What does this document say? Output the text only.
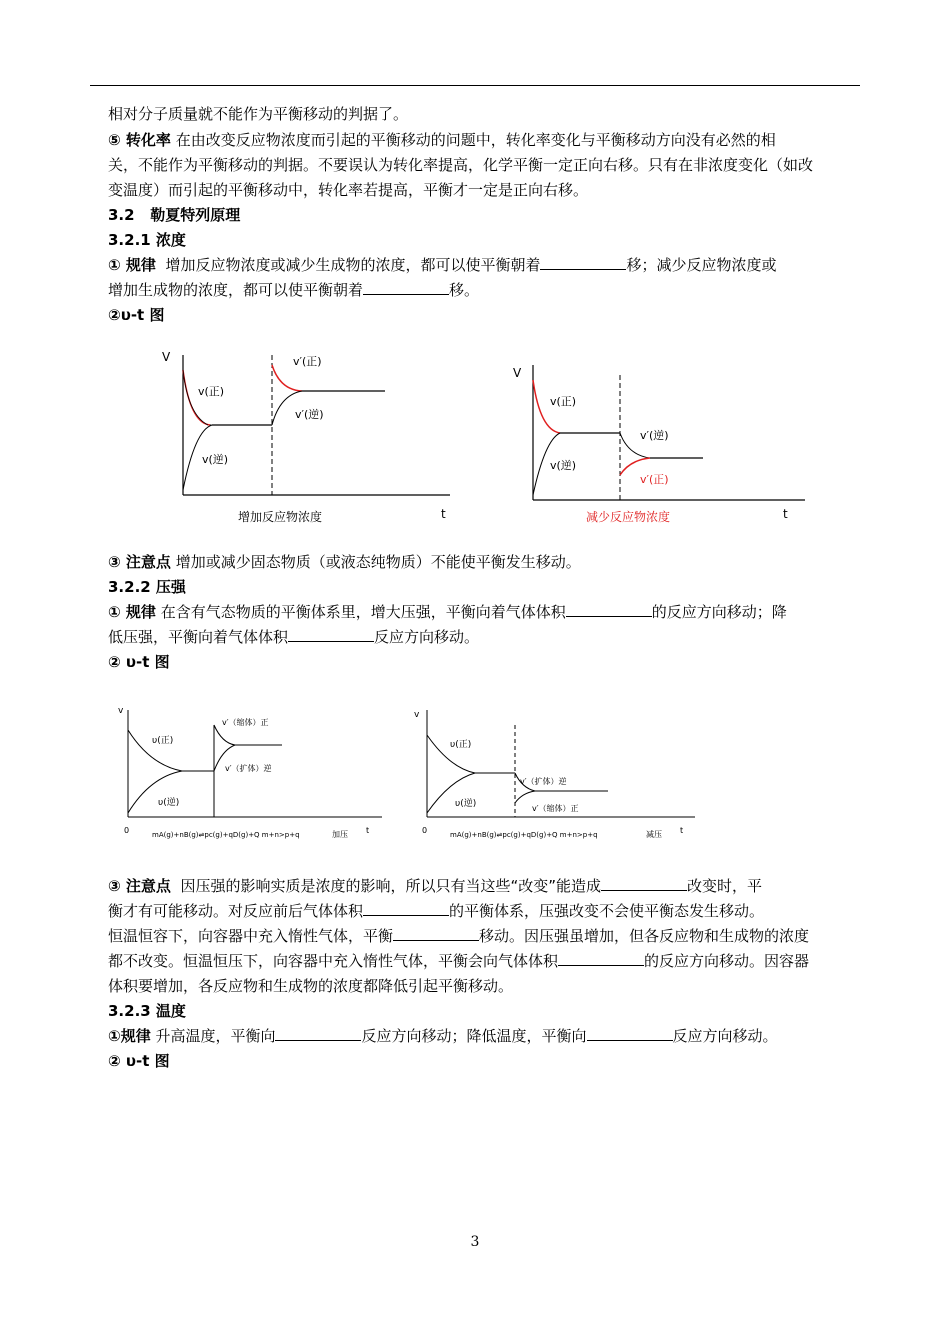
相对分子质量就不能作为平衡移动的判据了。
⑤ 转化率 在由改变反应物浓度而引起的平衡移动的问题中，转化率变化与平衡移动方向没有必然的相
关，不能作为平衡移动的判据。不要误认为转化率提高，化学平衡一定正向右移。只有在非浓度变化（如改
变温度）而引起的平衡移动中，转化率若提高，平衡才一定是正向右移。
3.2   勒夏特列原理
3.2.1 浓度
① 规律  增加反应物浓度或减少生成物的浓度，都可以使平衡朝着	移；减少反应物浓度或
增加生成物的浓度，都可以使平衡朝着	移。
②υ-t 图
V
v(正)
v(逆)
v′(正)
v′(逆)
增加反应物浓度	t
V
v(正)
v(逆)
v′(逆)
v′(正)
减少反应物浓度	t
③ 注意点 增加或减少固态物质（或液态纯物质）不能使平衡发生移动。
3.2.2 压强
① 规律 在含有气态物质的平衡体系里，增大压强，平衡向着气体体积	的反应方向移动；降
低压强，平衡向着气体体积	反应方向移动。
② υ-t 图
v
υ(正)
υ(逆)
v′（缩体）正
v′（扩体）逆
0	mA(g)+nB(g)⇌pc(g)+qD(g)+Q m+n>p+q	加压 t
v
υ(正)
υ(逆)
v′（扩体）逆
v′（缩体）正
0	mA(g)+nB(g)⇌pc(g)+qD(g)+Q m+n>p+q	减压 t
③ 注意点  因压强的影响实质是浓度的影响，所以只有当这些“改变”能造成	改变时，平
衡才有可能移动。对反应前后气体体积	的平衡体系，压强改变不会使平衡态发生移动。
恒温恒容下，向容器中充入惰性气体，平衡	移动。因压强虽增加，但各反应物和生成物的浓度
都不改变。恒温恒压下，向容器中充入惰性气体，平衡会向气体体积	的反应方向移动。因容器
体积要增加，各反应物和生成物的浓度都降低引起平衡移动。
3.2.3 温度
①规律 升高温度，平衡向	反应方向移动；降低温度，平衡向	反应方向移动。
② υ-t 图
3
